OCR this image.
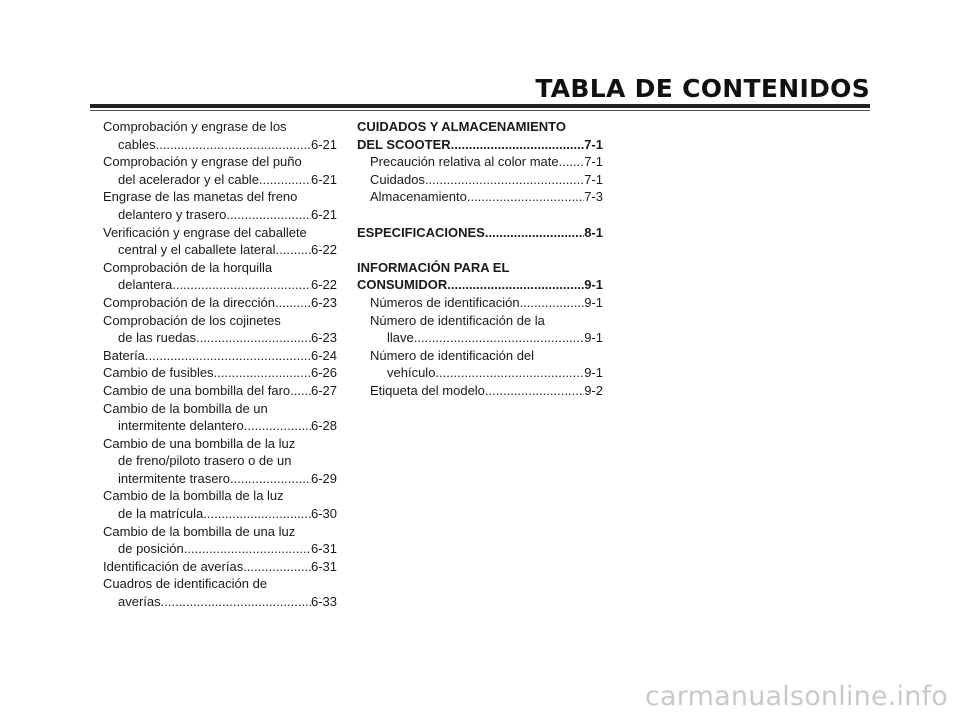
TABLA DE CONTENIDOS
Comprobación y engrase de los
cables .....	6-21
Comprobación y engrase del puño
del acelerador y el cable .....	6-21
Engrase de las manetas del freno
delantero y trasero .....	6-21
Verificación y engrase del caballete
central y el caballete lateral .....	6-22
Comprobación de la horquilla
delantera .....	6-22
Comprobación de la dirección .....	6-23
Comprobación de los cojinetes
de las ruedas .....	6-23
Batería .....	6-24
Cambio de fusibles .....	6-26
Cambio de una bombilla del faro ..... 6-27
Cambio de la bombilla de un
intermitente delantero .....	6-28
Cambio de una bombilla de la luz
de freno/piloto trasero o de un
intermitente trasero .....	6-29
Cambio de la bombilla de la luz
de la matrícula .....	6-30
Cambio de la bombilla de una luz
de posición .....	6-31
Identificación de averías .....	6-31
Cuadros de identificación de
averías .....	6-33
CUIDADOS Y ALMACENAMIENTO
DEL SCOOTER .....	7-1
Precaución relativa al color mate ..... 7-1
Cuidados .....	7-1
Almacenamiento .....	7-3
ESPECIFICACIONES .....	8-1
INFORMACIÓN PARA EL
CONSUMIDOR .....	9-1
Números de identificación .....	9-1
Número de identificación de la
llave .....	9-1
Número de identificación del
vehículo .....	9-1
Etiqueta del modelo .....	9-2
carmanualsonline.info
